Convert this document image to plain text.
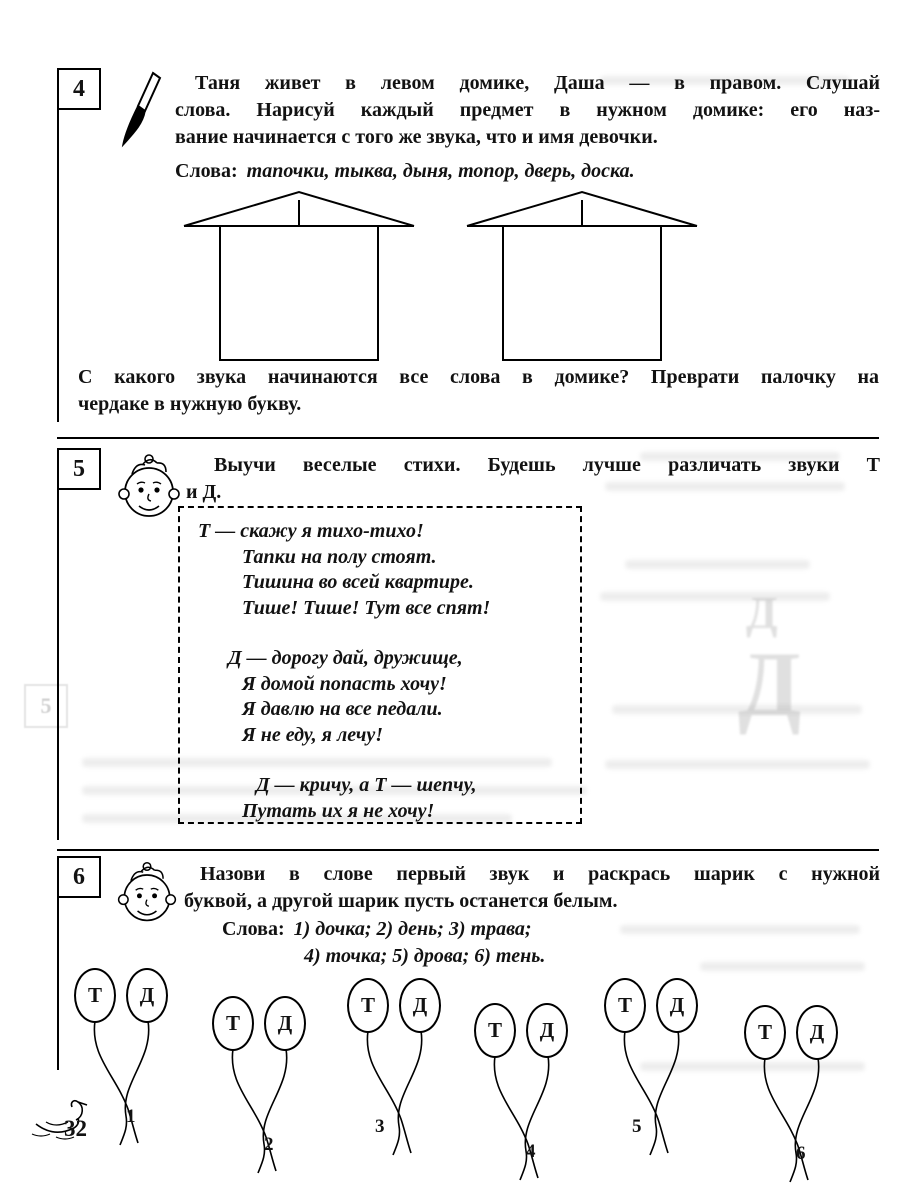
Д
Д
5
4	Таня живет в левом домике, Даша — в правом. Слушай
слова. Нарисуй каждый предмет в нужном домике: его наз-
вание начинается с того же звука, что и имя девочки.
Слова: тапочки, тыква, дыня, топор, дверь, доска.
С какого звука начинаются все слова в домике? Преврати палочку на
чердаке в нужную букву.
5	Выучи веселые стихи. Будешь лучше различать звуки Т
и Д.
Т — скажу я тихо-тихо!
Тапки на полу стоят.
Тишина во всей квартире.
Тише! Тише! Тут все спят!
Д — дорогу дай, дружище,
Я домой попасть хочу!
Я давлю на все педали.
Я не еду, я лечу!
Д — кричу, а Т — шепчу,
Путать их я не хочу!
6	Назови в слове первый звук и раскрась шарик с нужной
буквой, а другой шарик пусть останется белым.
Слова: 1) дочка; 2) день; 3) трава;
4) точка; 5) дрова; 6) тень.
Т Д
1
Т Д
2
Т Д
3
Т Д
4
Т Д
5
Т Д
6
32
